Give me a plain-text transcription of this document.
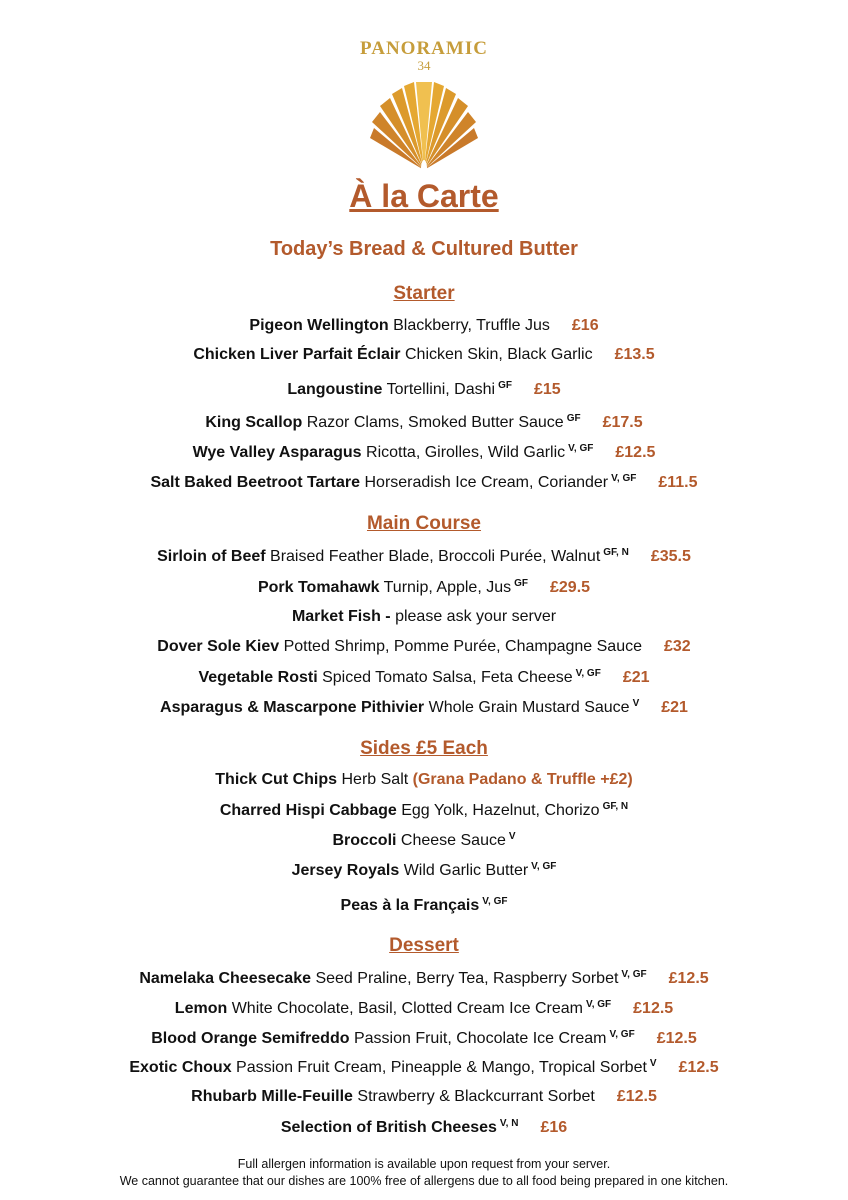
PANORAMIC
34
À la Carte
Today’s Bread & Cultured Butter
Starter
Pigeon Wellington Blackberry, Truffle Jus £16
Chicken Liver Parfait Éclair Chicken Skin, Black Garlic £13.5
Langoustine Tortellini, Dashi $^{GF}$ £15
King Scallop Razor Clams, Smoked Butter Sauce $^{GF}$ £17.5
Wye Valley Asparagus Ricotta, Girolles, Wild Garlic $^{V, GF}$ £12.5
Salt Baked Beetroot Tartare Horseradish Ice Cream, Coriander $^{V, GF}$ £11.5
Main Course
Sirloin of Beef Braised Feather Blade, Broccoli Purée, Walnut $^{GF, N}$ £35.5
Pork Tomahawk Turnip, Apple, Jus $^{GF}$ £29.5
Market Fish - please ask your server
Dover Sole Kiev Potted Shrimp, Pomme Purée, Champagne Sauce £32
Vegetable Rosti Spiced Tomato Salsa, Feta Cheese $^{V, GF}$ £21
Asparagus & Mascarpone Pithivier Whole Grain Mustard Sauce $^V$ £21
Sides £5 Each
Thick Cut Chips Herb Salt (Grana Padano & Truffle +£2)
Charred Hispi Cabbage Egg Yolk, Hazelnut, Chorizo $^{GF, N}$
Broccoli Cheese Sauce $^V$
Jersey Royals Wild Garlic Butter $^{V, GF}$
Peas à la Français $^{V, GF}$
Dessert
Namelaka Cheesecake Seed Praline, Berry Tea, Raspberry Sorbet $^{V, GF}$ £12.5
Lemon White Chocolate, Basil, Clotted Cream Ice Cream $^{V, GF}$ £12.5
Blood Orange Semifreddo Passion Fruit, Chocolate Ice Cream $^{V, GF}$ £12.5
Exotic Choux Passion Fruit Cream, Pineapple & Mango, Tropical Sorbet $^V$ £12.5
Rhubarb Mille-Feuille Strawberry & Blackcurrant Sorbet £12.5
Selection of British Cheeses $^{V, N}$ £16
Full allergen information is available upon request from your server.
We cannot guarantee that our dishes are 100% free of allergens due to all food being prepared in one kitchen.
